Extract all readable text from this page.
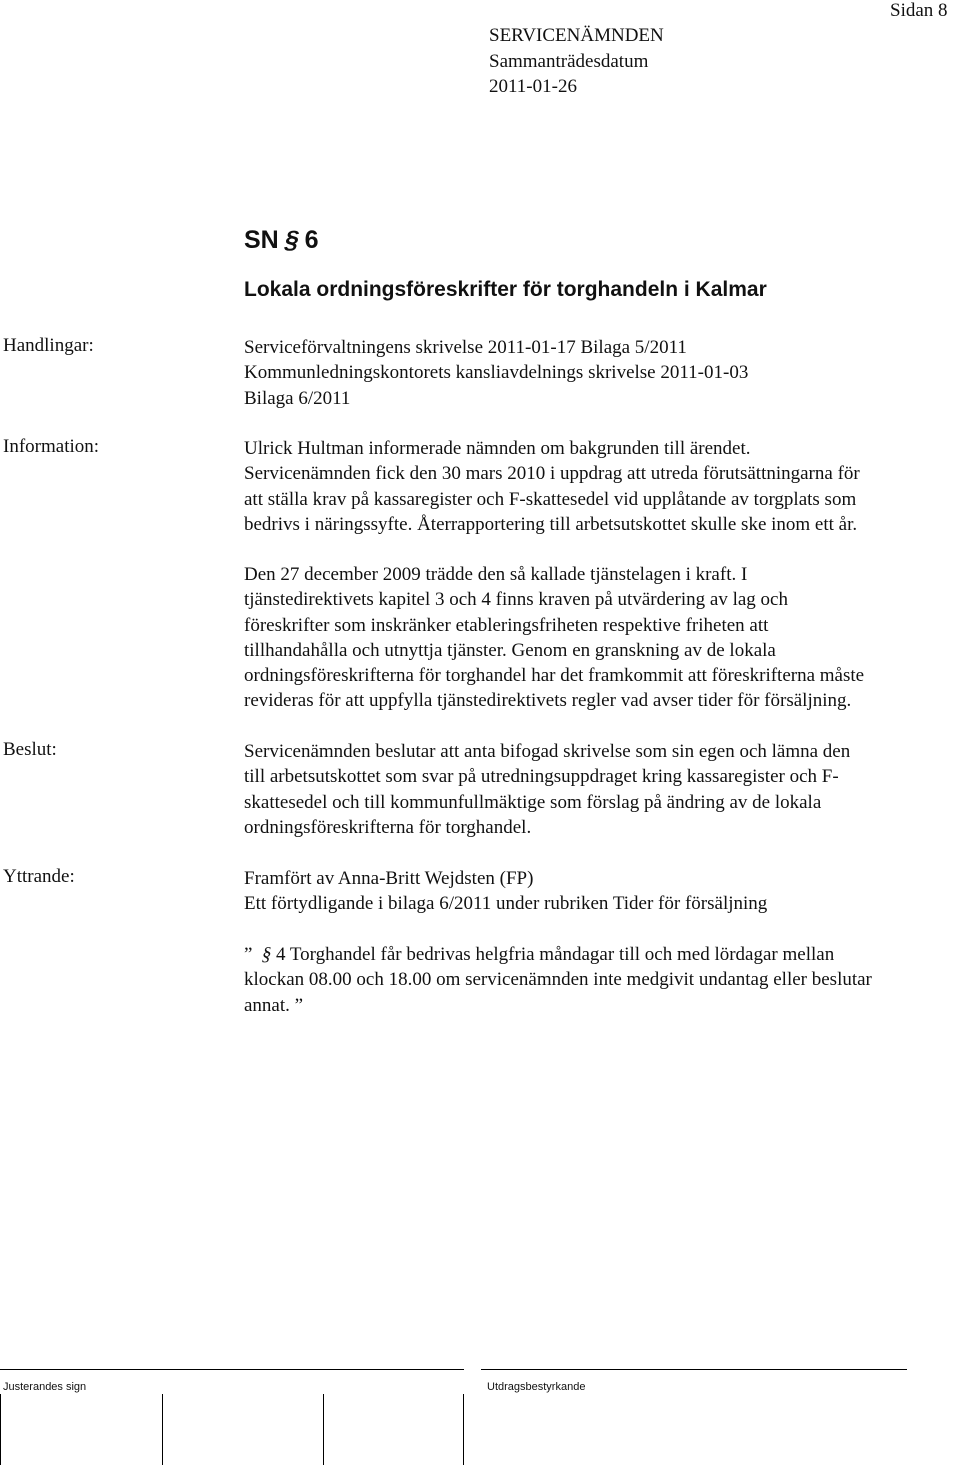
Sidan 8
SERVICENÄMNDEN
Sammanträdesdatum
2011-01-26
SN § 6
Lokala ordningsföreskrifter för torghandeln i Kalmar
Handlingar:	Serviceförvaltningens skrivelse 2011-01-17 Bilaga 5/2011
Kommunledningskontorets kansliavdelnings skrivelse 2011-01-03
Bilaga 6/2011
Information:	Ulrick Hultman informerade nämnden om bakgrunden till ärendet.
Servicenämnden fick den 30 mars 2010 i uppdrag att utreda förutsättningarna för
att ställa krav på kassaregister och F-skattesedel vid upplåtande av torgplats som
bedrivs i näringssyfte. Återrapportering till arbetsutskottet skulle ske inom ett år.
Den 27 december 2009 trädde den så kallade tjänstelagen i kraft. I
tjänstedirektivets kapitel 3 och 4 finns kraven på utvärdering av lag och
föreskrifter som inskränker etableringsfriheten respektive friheten att
tillhandahålla och utnyttja tjänster. Genom en granskning av de lokala
ordningsföreskrifterna för torghandel har det framkommit att föreskrifterna måste
revideras för att uppfylla tjänstedirektivets regler vad avser tider för försäljning.
Beslut:	Servicenämnden beslutar att anta bifogad skrivelse som sin egen och lämna den
till arbetsutskottet som svar på utredningsuppdraget kring kassaregister och F-
skattesedel och till kommunfullmäktige som förslag på ändring av de lokala
ordningsföreskrifterna för torghandel.
Yttrande:	Framfört av Anna-Britt Wejdsten (FP)
Ett förtydligande i bilaga 6/2011 under rubriken Tider för försäljning
” §4 Torghandel får bedrivas helgfria måndagar till och med lördagar mellan
klockan 08.00 och 18.00 om servicenämnden inte medgivit undantag eller beslutar
annat. ”
Justerandes sign	Utdragsbestyrkande
